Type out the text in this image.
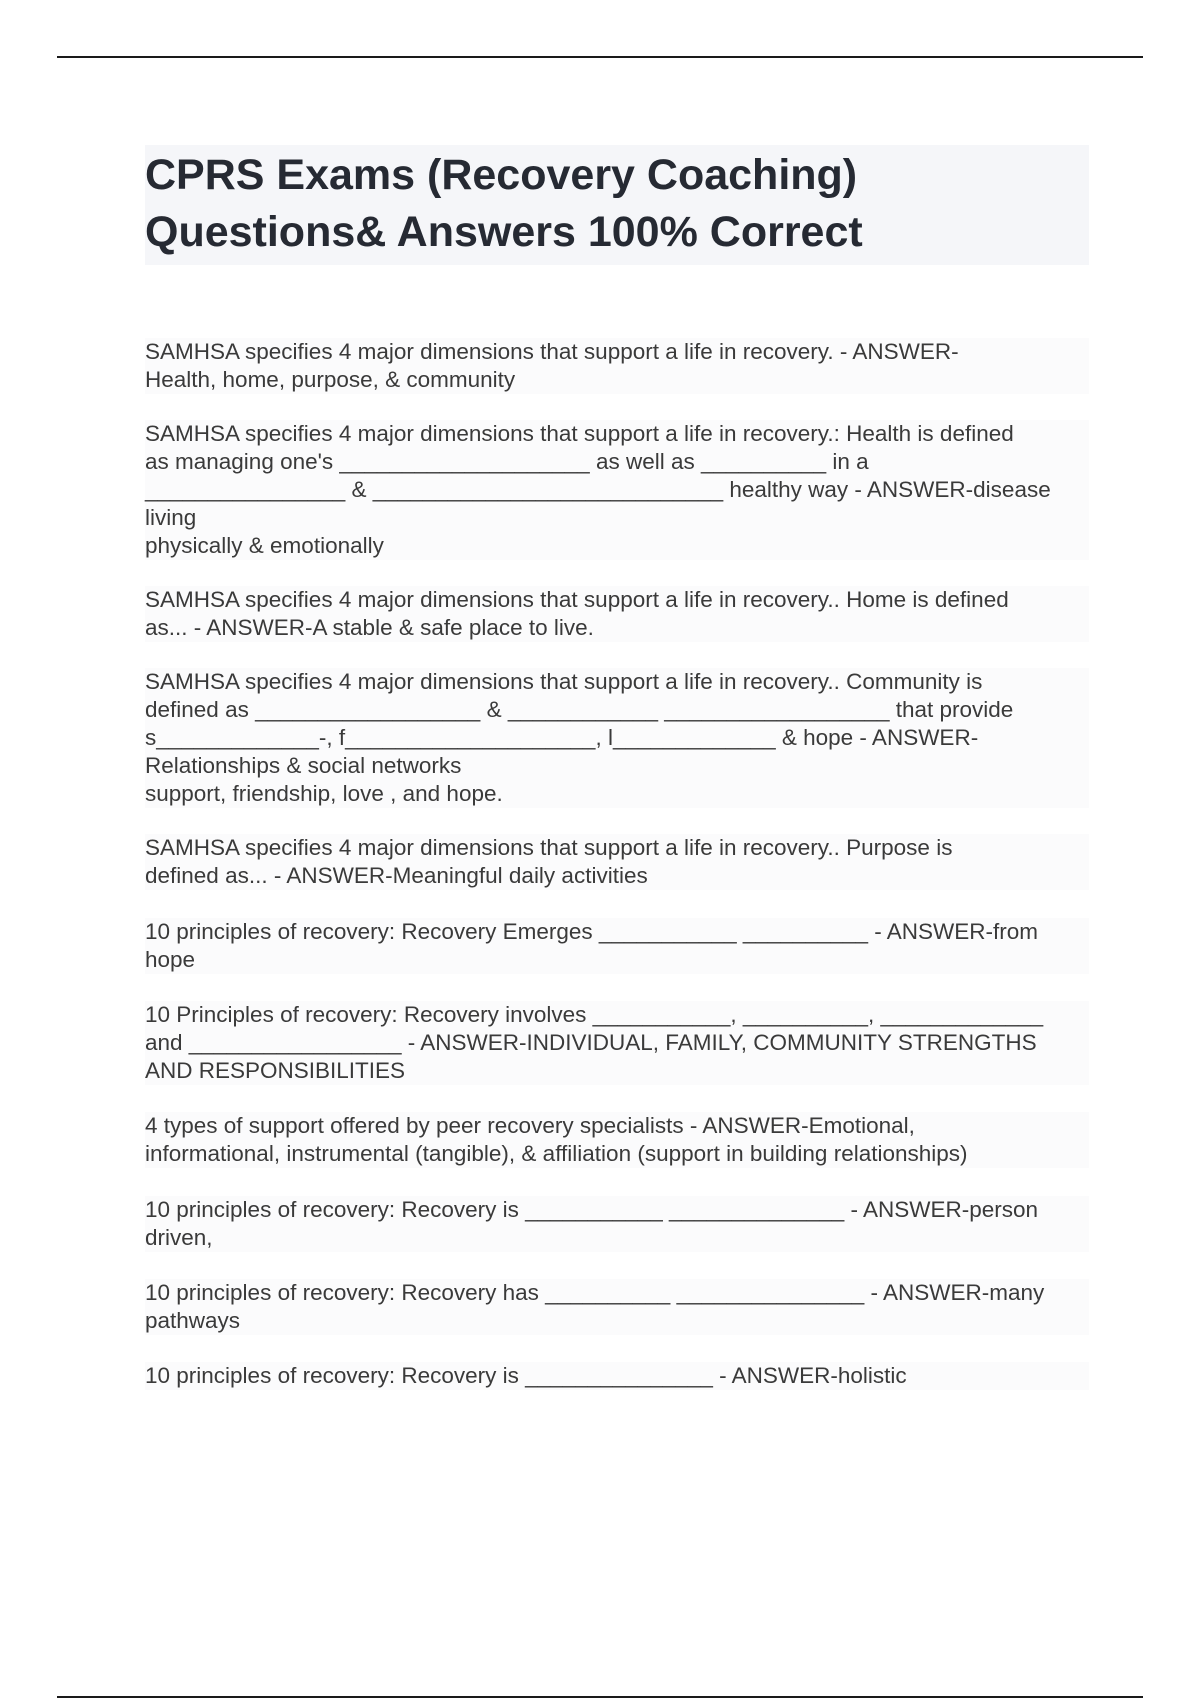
CPRS Exams (Recovery Coaching)
Questions& Answers 100% Correct
SAMHSA specifies 4 major dimensions that support a life in recovery. - ANSWER-
Health, home, purpose, & community
SAMHSA specifies 4 major dimensions that support a life in recovery.: Health is defined
as managing one's ____________________ as well as __________ in a
________________ & ____________________________ healthy way - ANSWER-disease
living
physically & emotionally
SAMHSA specifies 4 major dimensions that support a life in recovery.. Home is defined
as... - ANSWER-A stable & safe place to live.
SAMHSA specifies 4 major dimensions that support a life in recovery.. Community is
defined as __________________ & ____________ __________________ that provide
s_____________-, f____________________, l_____________ & hope - ANSWER-
Relationships & social networks
support, friendship, love , and hope.
SAMHSA specifies 4 major dimensions that support a life in recovery.. Purpose is
defined as... - ANSWER-Meaningful daily activities
10 principles of recovery: Recovery Emerges ___________ __________ - ANSWER-from
hope
10 Principles of recovery: Recovery involves ___________, __________, _____________
and _________________ - ANSWER-INDIVIDUAL, FAMILY, COMMUNITY STRENGTHS
AND RESPONSIBILITIES
4 types of support offered by peer recovery specialists - ANSWER-Emotional,
informational, instrumental (tangible), & affiliation (support in building relationships)
10 principles of recovery: Recovery is ___________ ______________ - ANSWER-person
driven,
10 principles of recovery: Recovery has __________ _______________ - ANSWER-many
pathways
10 principles of recovery: Recovery is _______________ - ANSWER-holistic
